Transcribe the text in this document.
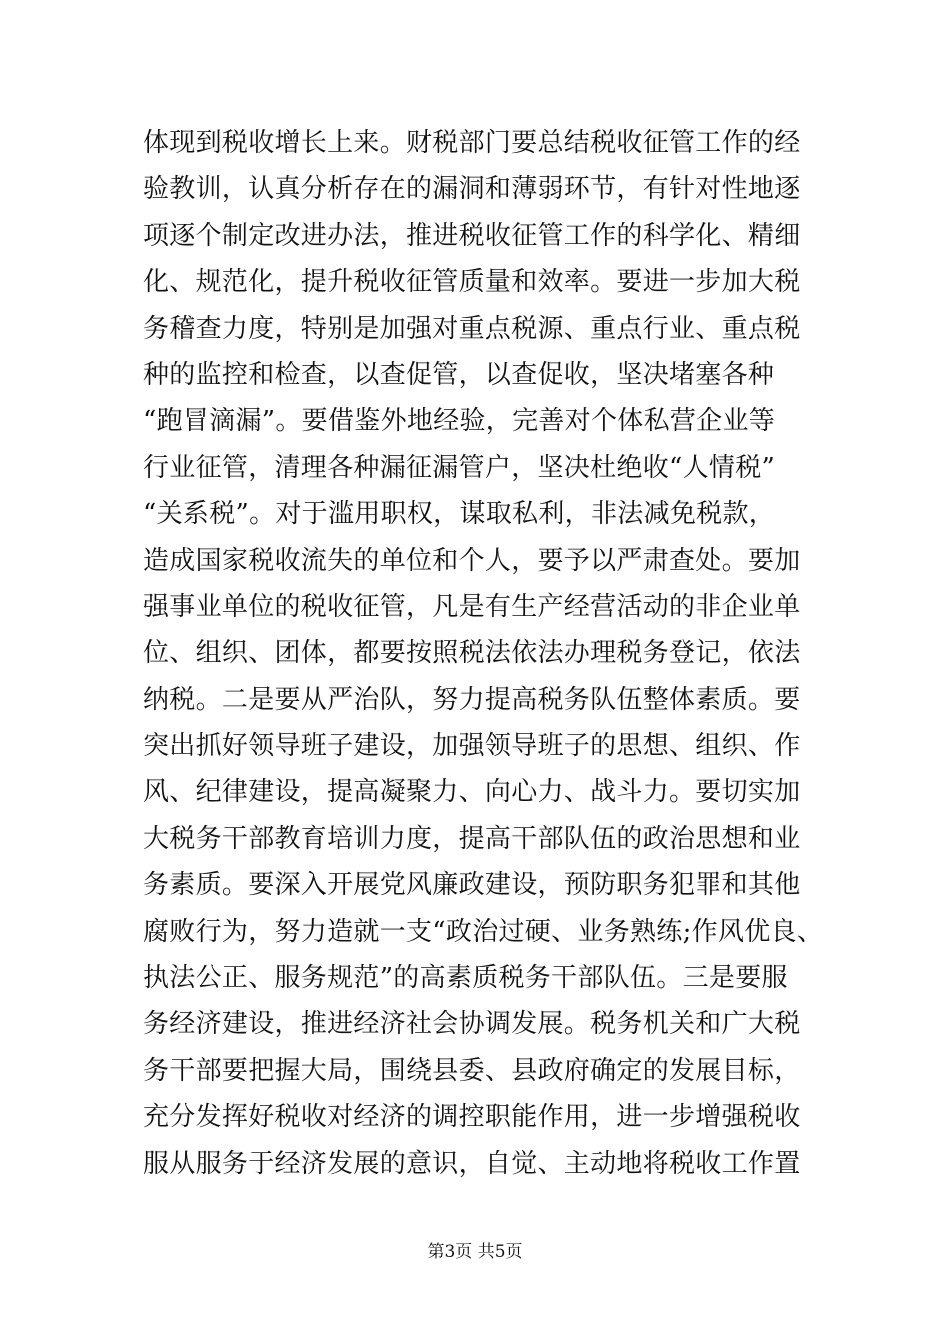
体现到税收增长上来。财税部门要总结税收征管工作的经
验教训，认真分析存在的漏洞和薄弱环节，有针对性地逐
项逐个制定改进办法，推进税收征管工作的科学化、精细
化、规范化，提升税收征管质量和效率。要进一步加大税
务稽查力度，特别是加强对重点税源、重点行业、重点税
种的监控和检查，以查促管，以查促收，坚决堵塞各种
“跑冒滴漏”。要借鉴外地经验，完善对个体私营企业等
行业征管，清理各种漏征漏管户，坚决杜绝收“人情税”
“关系税”。对于滥用职权，谋取私利，非法减免税款，
造成国家税收流失的单位和个人，要予以严肃查处。要加
强事业单位的税收征管，凡是有生产经营活动的非企业单
位、组织、团体，都要按照税法依法办理税务登记，依法
纳税。二是要从严治队，努力提高税务队伍整体素质。要
突出抓好领导班子建设，加强领导班子的思想、组织、作
风、纪律建设，提高凝聚力、向心力、战斗力。要切实加
大税务干部教育培训力度，提高干部队伍的政治思想和业
务素质。要深入开展党风廉政建设，预防职务犯罪和其他
腐败行为，努力造就一支“政治过硬、业务熟练;作风优良、
执法公正、服务规范”的高素质税务干部队伍。三是要服
务经济建设，推进经济社会协调发展。税务机关和广大税
务干部要把握大局，围绕县委、县政府确定的发展目标，
充分发挥好税收对经济的调控职能作用，进一步增强税收
服从服务于经济发展的意识，自觉、主动地将税收工作置
第3页 共5页
